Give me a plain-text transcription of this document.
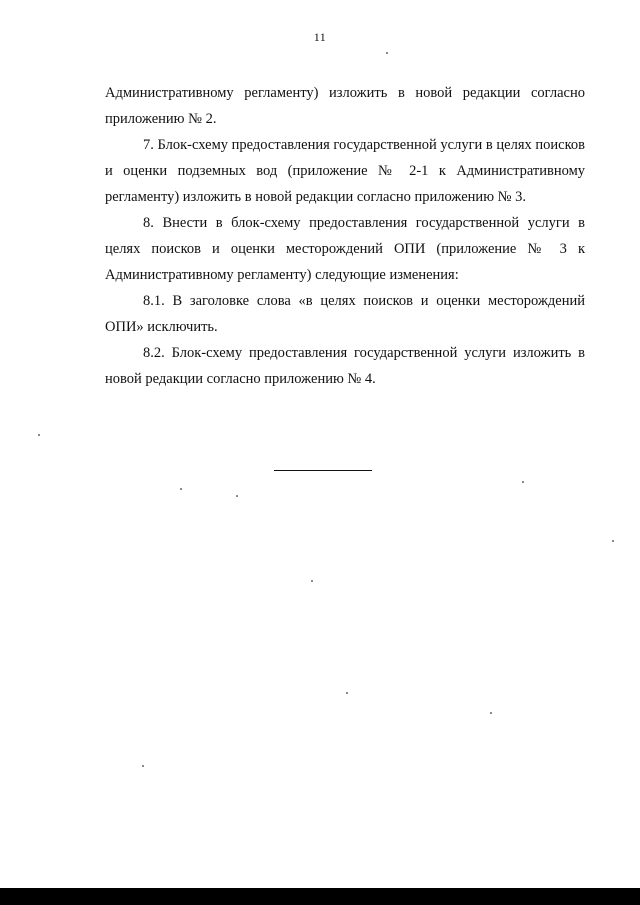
11

Административному регламенту) изложить в новой редакции согласно приложению № 2.

7. Блок-схему предоставления государственной услуги в целях поисков и оценки подземных вод (приложение № 2-1 к Административному регламенту) изложить в новой редакции согласно приложению № 3.

8. Внести в блок-схему предоставления государственной услуги в целях поисков и оценки месторождений ОПИ (приложение № 3 к Административному регламенту) следующие изменения:

8.1. В заголовке слова «в целях поисков и оценки месторождений ОПИ» исключить.

8.2. Блок-схему предоставления государственной услуги изложить в новой редакции согласно приложению № 4.
